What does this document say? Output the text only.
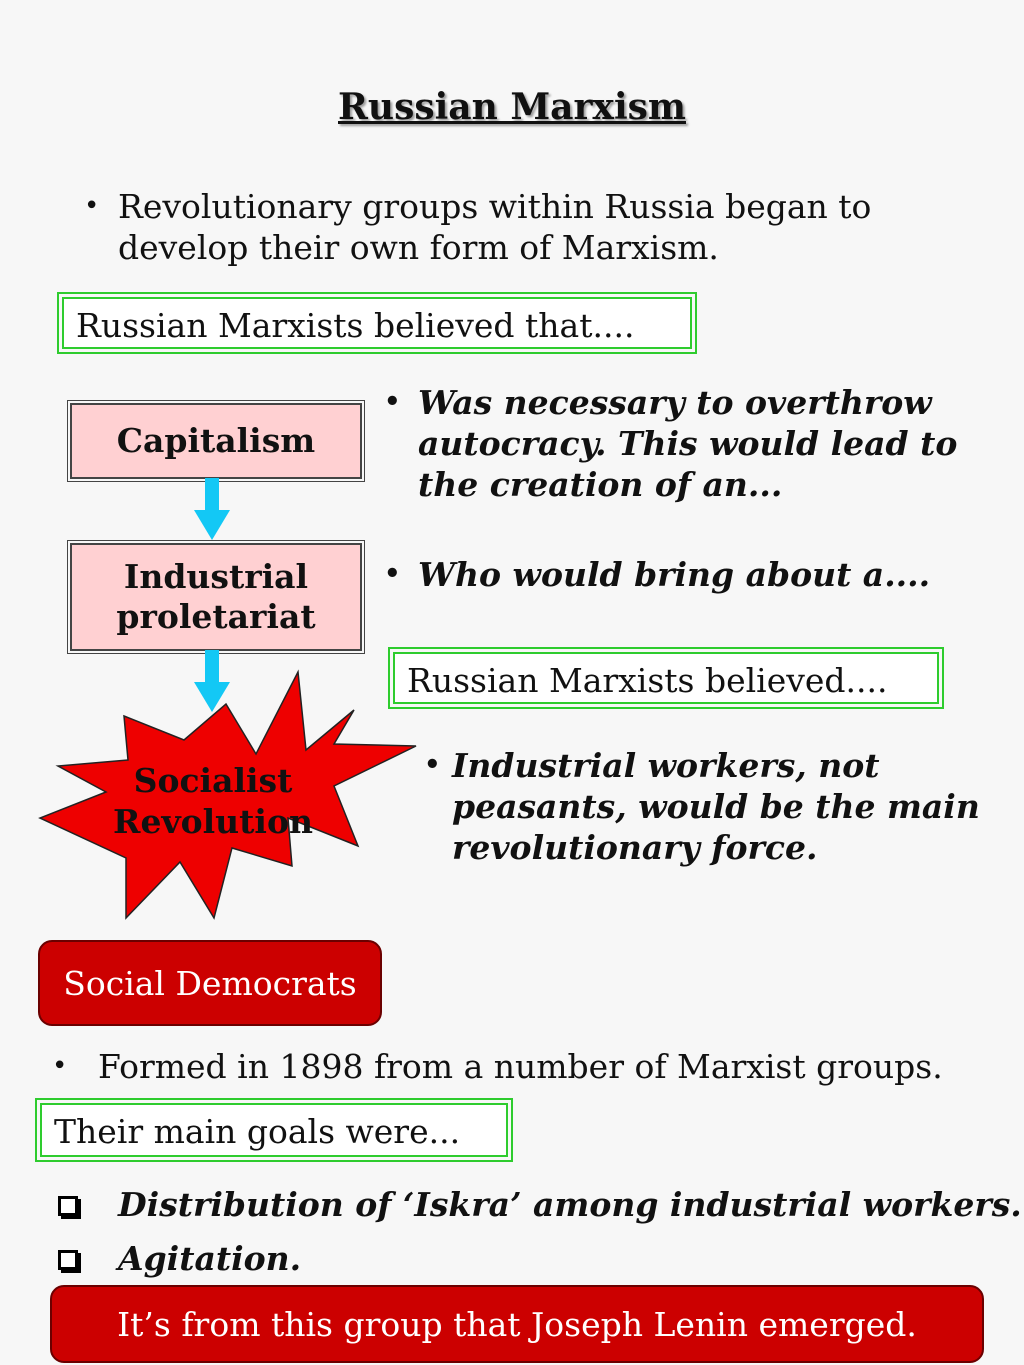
Russian Marxism
• Revolutionary groups within Russia began to develop their own form of Marxism.
Russian Marxists believed that....
Capitalism
Industrial proletariat
Socialist Revolution
• Was necessary to overthrow autocracy. This would lead to the creation of an...
• Who would bring about a....
Russian Marxists believed....
• Industrial workers, not peasants, would be the main revolutionary force.
Social Democrats
• Formed in 1898 from a number of Marxist groups.
Their main goals were...
Distribution of ‘Iskra’ among industrial workers.
Agitation.
It’s from this group that Joseph Lenin emerged.
